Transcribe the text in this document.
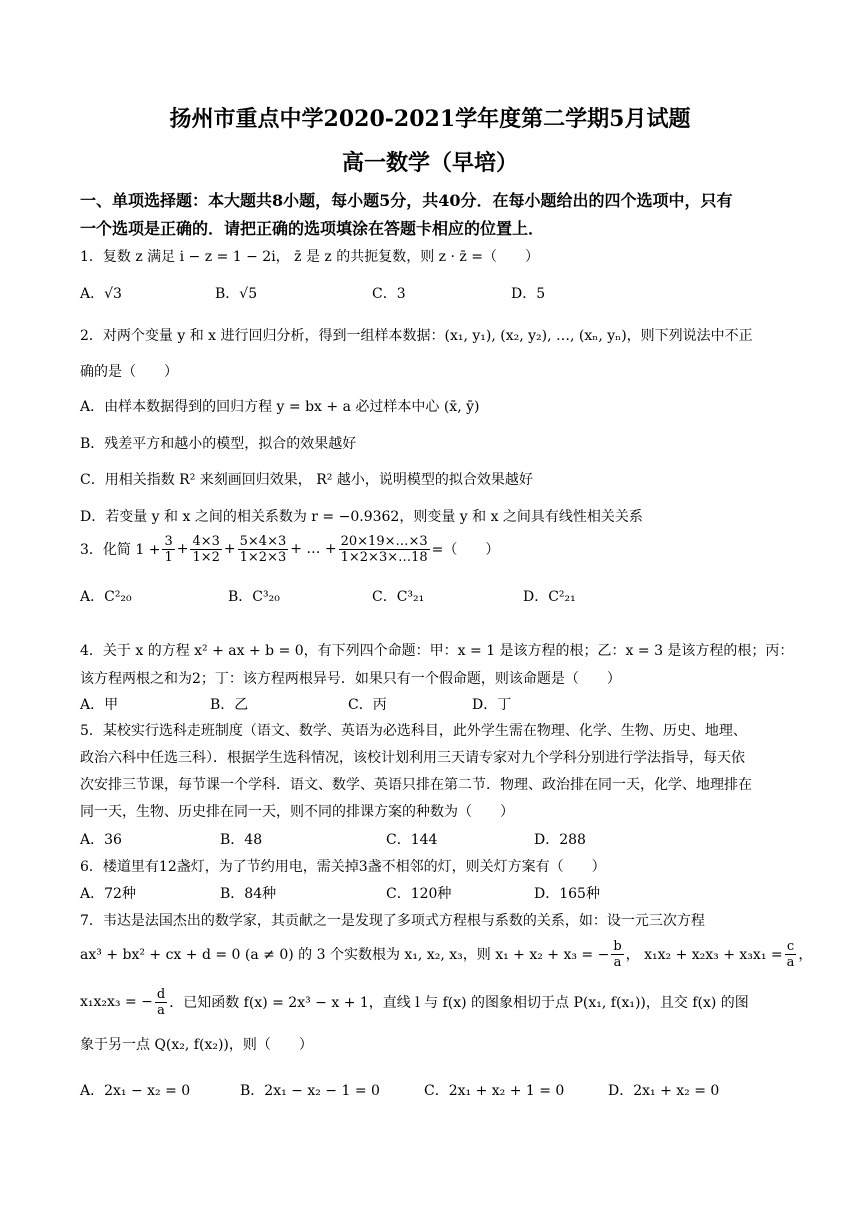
扬州市重点中学2020-2021学年度第二学期5月试题
高一数学（早培）
一、单项选择题：本大题共8小题，每小题5分，共40分．在每小题给出的四个选项中，只有
一个选项是正确的．请把正确的选项填涂在答题卡相应的位置上．
1．复数 z 满足 i − z = 1 − 2i， z̄ 是 z 的共扼复数，则 z · z̄ =（　　）
A．√3	B．√5	C．3	D．5
2．对两个变量 y 和 x 进行回归分析，得到一组样本数据：(x₁, y₁), (x₂, y₂), …, (xₙ, yₙ)，则下列说法中不正
确的是（　　）
A．由样本数据得到的回归方程 y = bx + a 必过样本中心 (x̄, ȳ)
B．残差平方和越小的模型，拟合的效果越好
C．用相关指数 R² 来刻画回归效果， R² 越小，说明模型的拟合效果越好
D．若变量 y 和 x 之间的相关系数为 r = −0.9362，则变量 y 和 x 之间具有线性相关关系
3．化简 $1 + \frac{3}{1} + \frac{4\times 3}{1\times 2} + \frac{5\times 4\times 3}{1\times 2\times 3}$ + … + $\frac{20\times 19\times\dots\times 3}{1\times 2\times 3\times\dots 18}$ =（　　）
A．C²₂₀	B．C³₂₀	C．C³₂₁	D．C²₂₁
4．关于 x 的方程 x² + ax + b = 0，有下列四个命题：甲：x = 1 是该方程的根；乙：x = 3 是该方程的根；丙：
该方程两根之和为2；丁：该方程两根异号．如果只有一个假命题，则该命题是（　　）
A．甲	B．乙	C．丙	D．丁
5．某校实行选科走班制度（语文、数学、英语为必选科目，此外学生需在物理、化学、生物、历史、地理、
政治六科中任选三科）．根据学生选科情况，该校计划利用三天请专家对九个学科分别进行学法指导，每天依
次安排三节课，每节课一个学科．语文、数学、英语只排在第二节．物理、政治排在同一天，化学、地理排在
同一天，生物、历史排在同一天，则不同的排课方案的种数为（　　）
A．36	B．48	C．144	D．288
6．楼道里有12盏灯，为了节约用电，需关掉3盏不相邻的灯，则关灯方案有（　　）
A．72种	B．84种	C．120种	D．165种
7．韦达是法国杰出的数学家，其贡献之一是发现了多项式方程根与系数的关系，如：设一元三次方程
ax³ + bx² + cx + d = 0 (a ≠ 0) 的 3 个实数根为 x₁, x₂, x₃，则 x₁ + x₂ + x₃ = − $\frac{b}{a}$ ， $x_1x_2 + x_2x_3 + x_3x_1 = \frac{c}{a}$ ，
x₁x₂x₃ = − $\frac{d}{a}$ ．已知函数 f(x) = 2x³ − x + 1，直线 l 与 f(x) 的图象相切于点 P(x₁, f(x₁))，且交 f(x) 的图
象于另一点 Q(x₂, f(x₂))，则（　　）
A．2x₁ − x₂ = 0	B．2x₁ − x₂ − 1 = 0	C．2x₁ + x₂ + 1 = 0	D．2x₁ + x₂ = 0
